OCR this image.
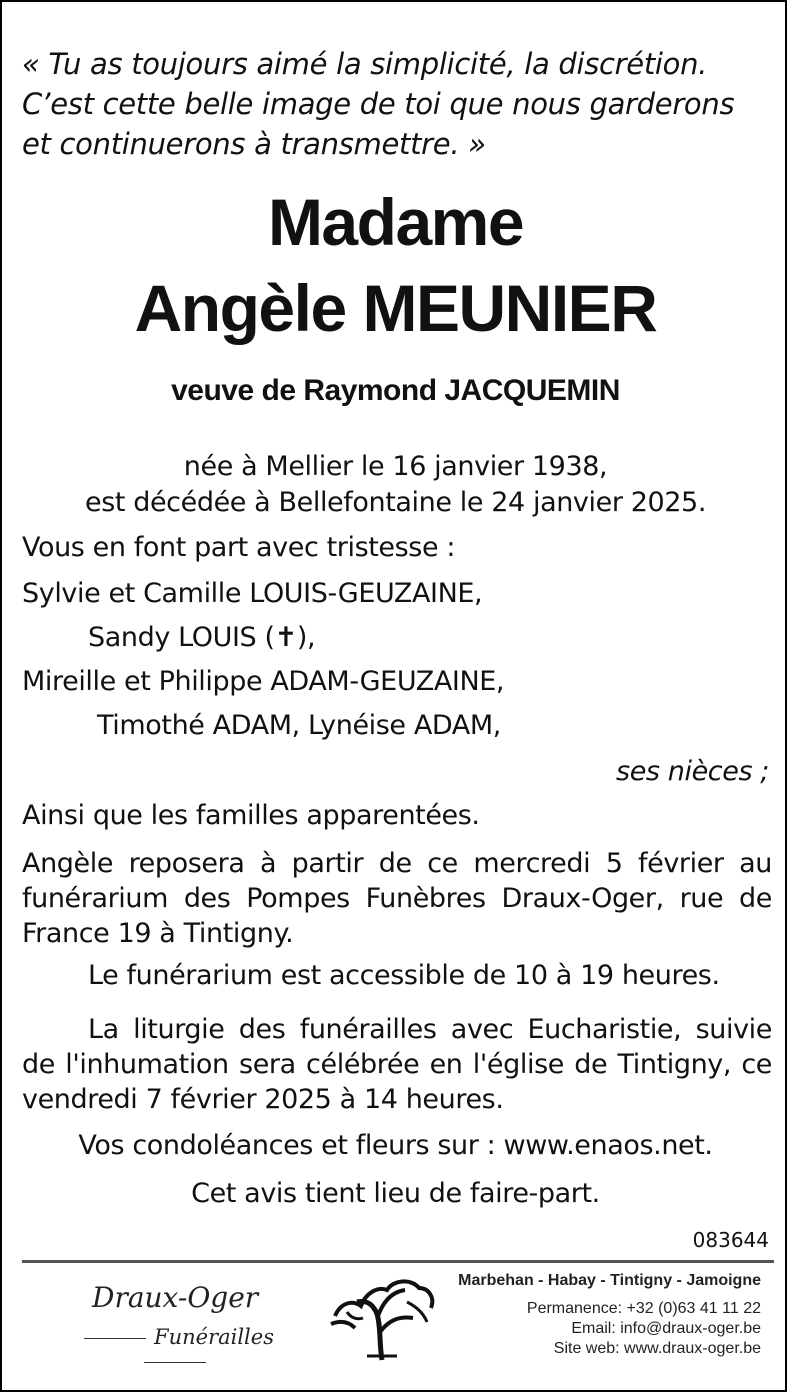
« Tu as toujours aimé la simplicité, la discrétion.
C’est cette belle image de toi que nous garderons
et continuerons à transmettre. »
Madame
Angèle MEUNIER
veuve de Raymond JACQUEMIN
née à Mellier le 16 janvier 1938,
est décédée à Bellefontaine le 24 janvier 2025.
Vous en font part avec tristesse :
Sylvie et Camille LOUIS-GEUZAINE,
Sandy LOUIS (✝),
Mireille et Philippe ADAM-GEUZAINE,
Timothé ADAM, Lynéise ADAM,
ses nièces ;
Ainsi que les familles apparentées.
Angèle reposera à partir de ce mercredi 5 février au funérarium des Pompes Funèbres Draux-Oger, rue de France 19 à Tintigny.
Le funérarium est accessible de 10 à 19 heures.
La liturgie des funérailles avec Eucharistie, suivie de l'inhumation sera célébrée en l'église de Tintigny, ce vendredi 7 février 2025 à 14 heures.
Vos condoléances et fleurs sur : www.enaos.net.
Cet avis tient lieu de faire-part.
083644
Draux-Oger
Funérailles
Marbehan - Habay - Tintigny - Jamoigne
Permanence: +32 (0)63 41 11 22
Email: info@draux-oger.be
Site web: www.draux-oger.be
